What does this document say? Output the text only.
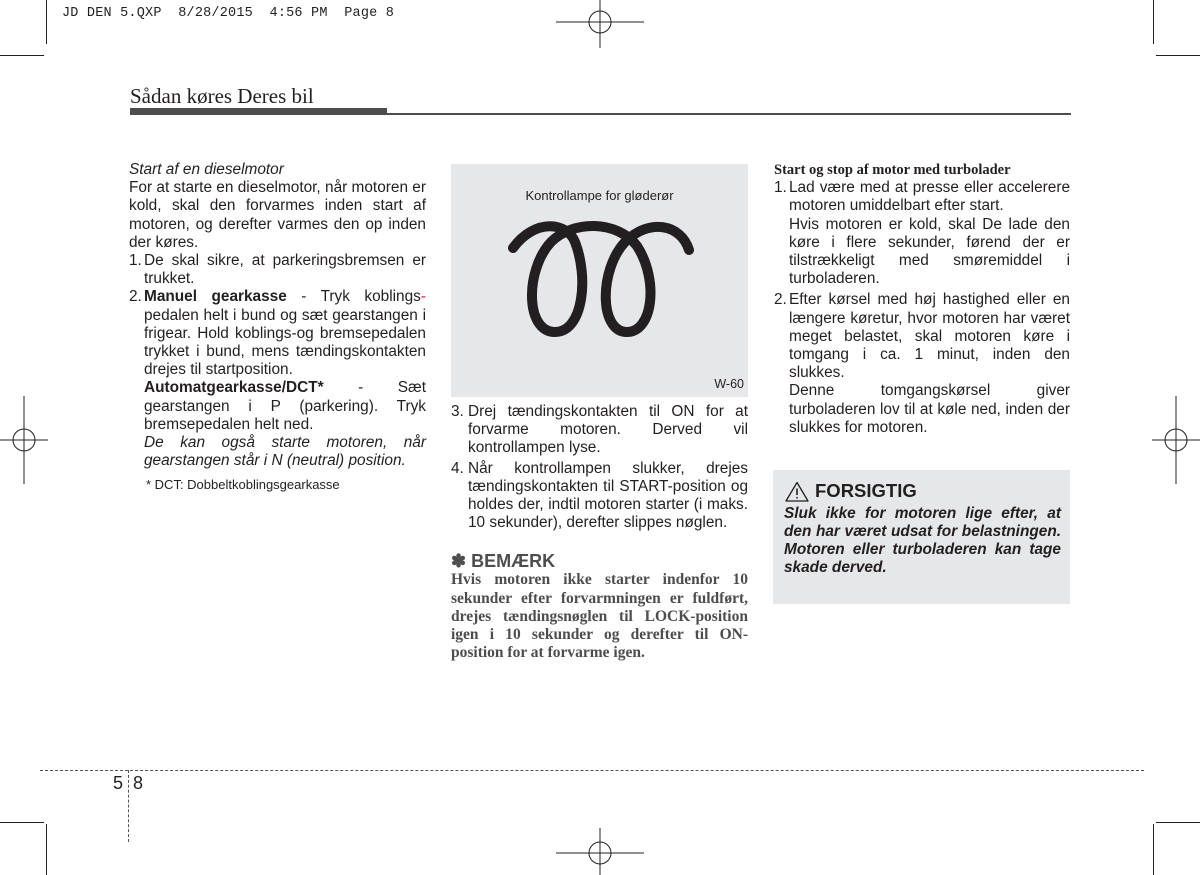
JD DEN 5.QXP  8/28/2015  4:56 PM  Page 8
Sådan køres Deres bil

Start af en dieselmotor

For at starte en dieselmotor, når motoren er kold, skal den forvarmes inden start af motoren, og derefter varmes den op inden der køres.

1. De skal sikre, at parkeringsbremsen er trukket.
2. Manuel gearkasse - Tryk koblings- pedalen helt i bund og sæt gearstangen i frigear. Hold koblings-og bremsepedalen trykket i bund, mens tændingskontakten drejes til startposition.

Automatgearkasse/DCT* - Sæt gearstangen i P (parkering). Tryk bremsepedalen helt ned.

De kan også starte motoren, når gearstangen står i N (neutral) position.

* DCT: Dobbeltkoblingsgearkasse

Kontrollampe for gløderør
W-60
3. Drej tændingskontakten til ON for at forvarme motoren. Derved vil kontrollampen lyse.
4. Når kontrollampen slukker, drejes tændingskontakten til START-position og holdes der, indtil motoren starter (i maks. 10 sekunder), derefter slippes nøglen.

✽ BEMÆRK

Hvis motoren ikke starter indenfor 10 sekunder efter forvarmningen er fuldført, drejes tændingsnøglen til LOCK-position igen i 10 sekunder og derefter til ON-position for at forvarme igen.

Start og stop af motor med turbolader

1. Lad være med at presse eller accelerere motoren umiddelbart efter start.

Hvis motoren er kold, skal De lade den køre i flere sekunder, førend der er tilstrækkeligt med smøremiddel i turboladeren.

2. Efter kørsel med høj hastighed eller en længere køretur, hvor motoren har været meget belastet, skal motoren køre i tomgang i ca. 1 minut, inden den slukkes.

Denne tomgangskørsel giver turboladeren lov til at køle ned, inden der slukkes for motoren.

FORSIGTIG

Sluk ikke for motoren lige efter, at den har været udsat for belastningen. Motoren eller turboladeren kan tage skade derved.

5 8
